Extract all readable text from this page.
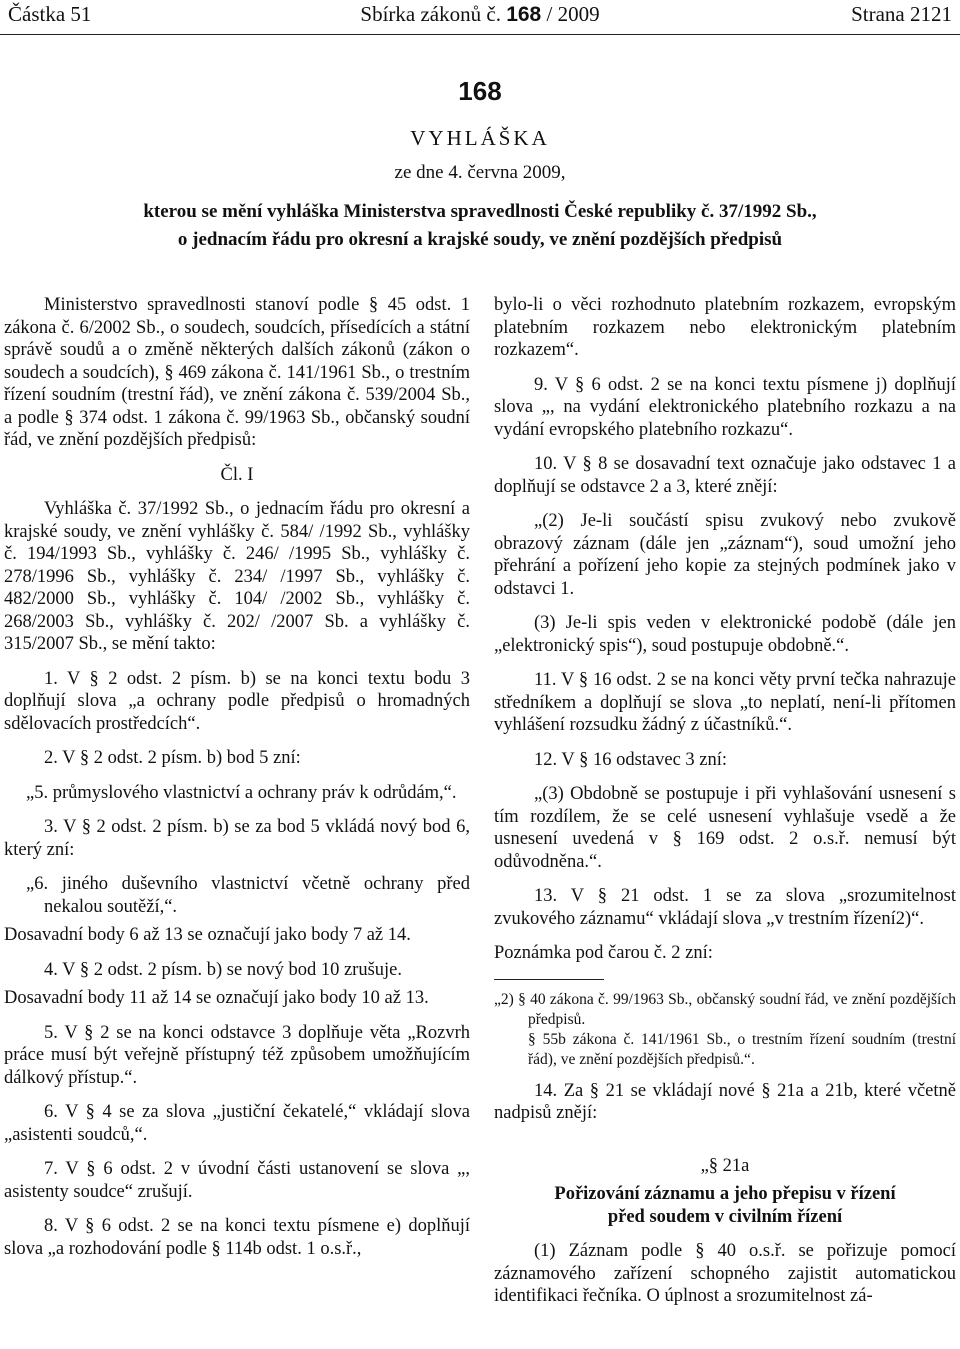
Částka 51	Sbírka zákonů č. 168 / 2009	Strana 2121
168
VYHLÁŠKA
ze dne 4. června 2009,
kterou se mění vyhláška Ministerstva spravedlnosti České republiky č. 37/1992 Sb.,
o jednacím řádu pro okresní a krajské soudy, ve znění pozdějších předpisů

Ministerstvo spravedlnosti stanoví podle § 45 odst. 1 zákona č. 6/2002 Sb., o soudech, soudcích, přísedících a státní správě soudů a o změně některých dalších zákonů (zákon o soudech a soudcích), § 469 zákona č. 141/1961 Sb., o trestním řízení soudním (trestní řád), ve znění zákona č. 539/2004 Sb., a podle § 374 odst. 1 zákona č. 99/1963 Sb., občanský soudní řád, ve znění pozdějších předpisů:

Čl. I

Vyhláška č. 37/1992 Sb., o jednacím řádu pro okresní a krajské soudy, ve znění vyhlášky č. 584/ /1992 Sb., vyhlášky č. 194/1993 Sb., vyhlášky č. 246/ /1995 Sb., vyhlášky č. 278/1996 Sb., vyhlášky č. 234/ /1997 Sb., vyhlášky č. 482/2000 Sb., vyhlášky č. 104/ /2002 Sb., vyhlášky č. 268/2003 Sb., vyhlášky č. 202/ /2007 Sb. a vyhlášky č. 315/2007 Sb., se mění takto:

1. V § 2 odst. 2 písm. b) se na konci textu bodu 3 doplňují slova „a ochrany podle předpisů o hromadných sdělovacích prostředcích“.

2. V § 2 odst. 2 písm. b) bod 5 zní:

„5. průmyslového vlastnictví a ochrany práv k odrůdám,“.

3. V § 2 odst. 2 písm. b) se za bod 5 vkládá nový bod 6, který zní:

„6. jiného duševního vlastnictví včetně ochrany před nekalou soutěží,“.

Dosavadní body 6 až 13 se označují jako body 7 až 14.

4. V § 2 odst. 2 písm. b) se nový bod 10 zrušuje.

Dosavadní body 11 až 14 se označují jako body 10 až 13.

5. V § 2 se na konci odstavce 3 doplňuje věta „Rozvrh práce musí být veřejně přístupný též způsobem umožňujícím dálkový přístup.“.

6. V § 4 se za slova „justiční čekatelé,“ vkládají slova „asistenti soudců,“.

7. V § 6 odst. 2 v úvodní části ustanovení se slova „, asistenty soudce“ zrušují.

8. V § 6 odst. 2 se na konci textu písmene e) doplňují slova „a rozhodování podle § 114b odst. 1 o.s.ř.,

bylo-li o věci rozhodnuto platebním rozkazem, evropským platebním rozkazem nebo elektronickým platebním rozkazem“.

9. V § 6 odst. 2 se na konci textu písmene j) doplňují slova „, na vydání elektronického platebního rozkazu a na vydání evropského platebního rozkazu“.

10. V § 8 se dosavadní text označuje jako odstavec 1 a doplňují se odstavce 2 a 3, které znějí:

„(2) Je-li součástí spisu zvukový nebo zvukově obrazový záznam (dále jen „záznam“), soud umožní jeho přehrání a pořízení jeho kopie za stejných podmínek jako v odstavci 1.

(3) Je-li spis veden v elektronické podobě (dále jen „elektronický spis“), soud postupuje obdobně.“.

11. V § 16 odst. 2 se na konci věty první tečka nahrazuje středníkem a doplňují se slova „to neplatí, není-li přítomen vyhlášení rozsudku žádný z účastníků.“.

12. V § 16 odstavec 3 zní:

„(3) Obdobně se postupuje i při vyhlašování usnesení s tím rozdílem, že se celé usnesení vyhlašuje vsedě a že usnesení uvedená v § 169 odst. 2 o.s.ř. nemusí být odůvodněna.“.

13. V § 21 odst. 1 se za slova „srozumitelnost zvukového záznamu“ vkládají slova „v trestním řízení2)“.

Poznámka pod čarou č. 2 zní:

„2) § 40 zákona č. 99/1963 Sb., občanský soudní řád, ve znění pozdějších předpisů.
§ 55b zákona č. 141/1961 Sb., o trestním řízení soudním (trestní řád), ve znění pozdějších předpisů.“.

14. Za § 21 se vkládají nové § 21a a 21b, které včetně nadpisů znějí:

„§ 21a

Pořizování záznamu a jeho přepisu v řízení
před soudem v civilním řízení

(1) Záznam podle § 40 o.s.ř. se pořizuje pomocí záznamového zařízení schopného zajistit automatickou identifikaci řečníka. O úplnost a srozumitelnost zá-
